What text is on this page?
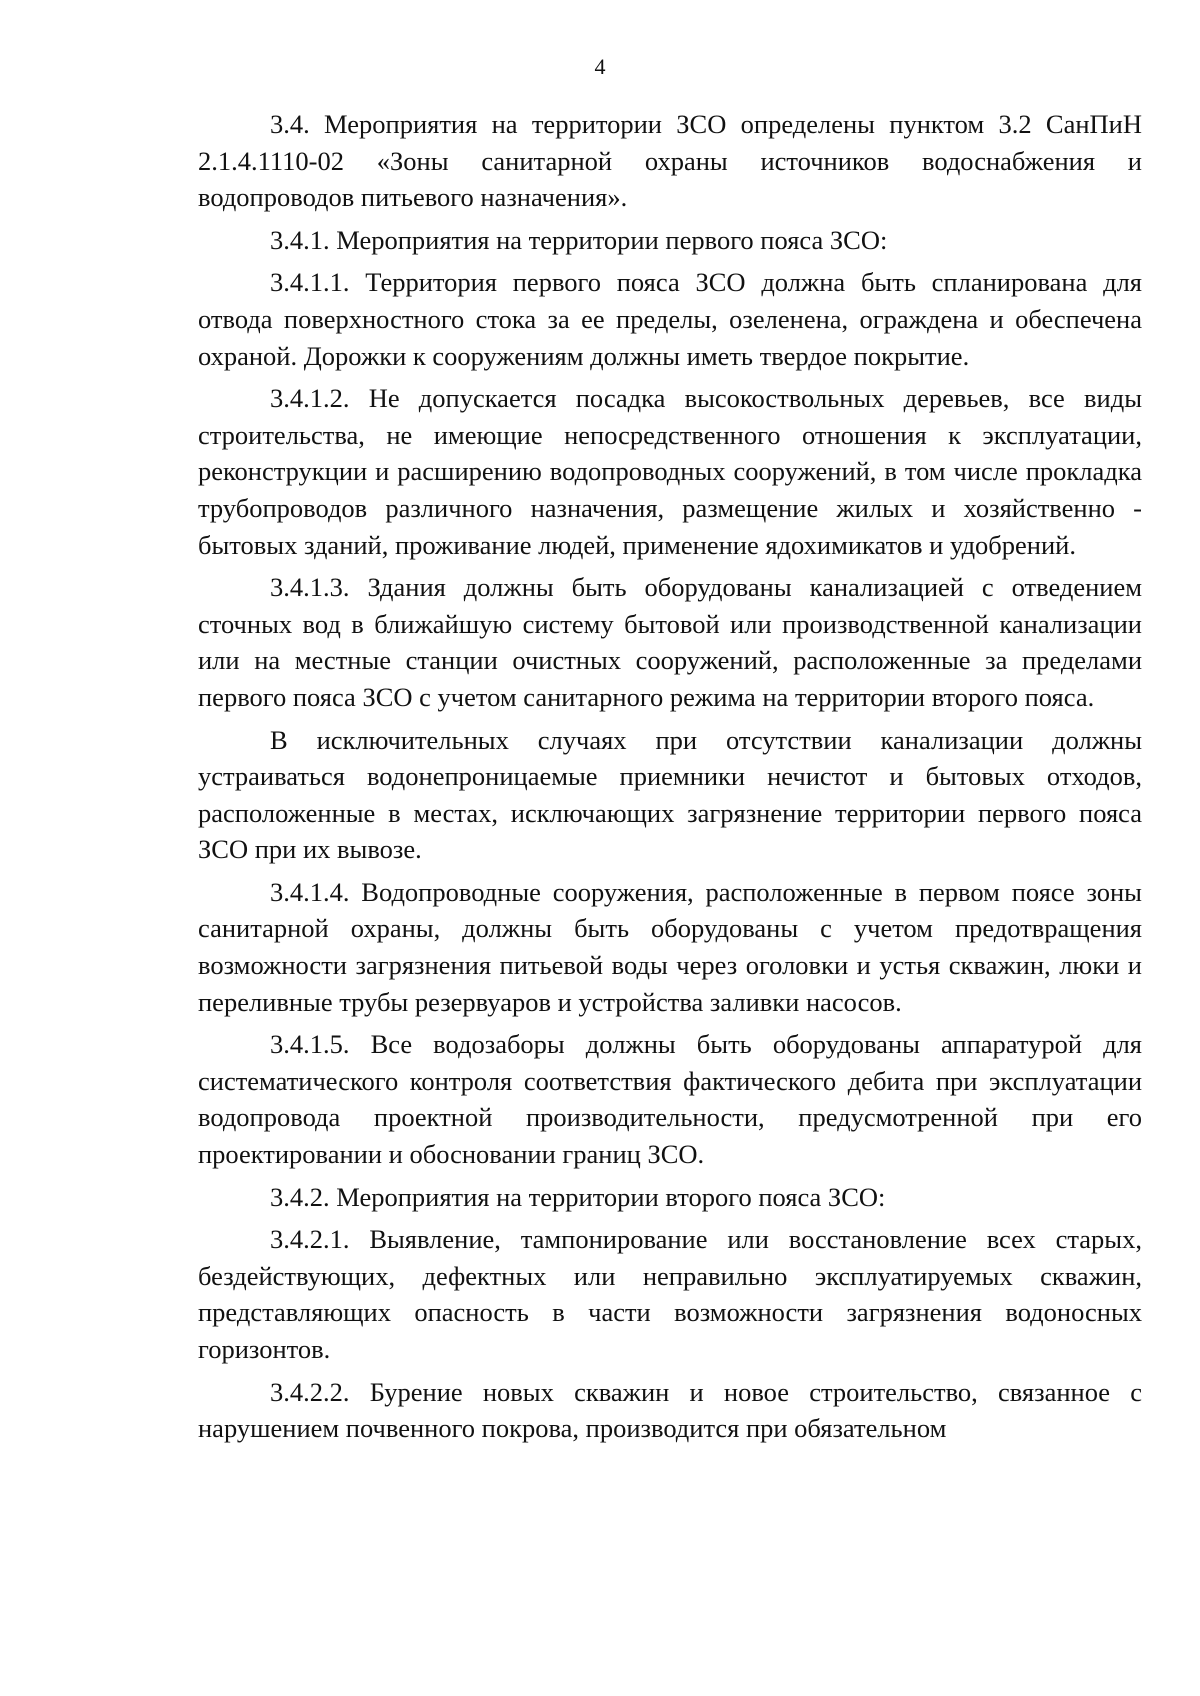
4

3.4. Мероприятия на территории ЗСО определены пунктом 3.2 СанПиН 2.1.4.1110-02 «Зоны санитарной охраны источников водоснабжения и водопроводов питьевого назначения».

3.4.1. Мероприятия на территории первого пояса ЗСО:

3.4.1.1. Территория первого пояса ЗСО должна быть спланирована для отвода поверхностного стока за ее пределы, озеленена, ограждена и обеспечена охраной. Дорожки к сооружениям должны иметь твердое покрытие.

3.4.1.2. Не допускается посадка высокоствольных деревьев, все виды строительства, не имеющие непосредственного отношения к эксплуатации, реконструкции и расширению водопроводных сооружений, в том числе прокладка трубопроводов различного назначения, размещение жилых и хозяйственно - бытовых зданий, проживание людей, применение ядохимикатов и удобрений.

3.4.1.3. Здания должны быть оборудованы канализацией с отведением сточных вод в ближайшую систему бытовой или производственной канализации или на местные станции очистных сооружений, расположенные за пределами первого пояса ЗСО с учетом санитарного режима на территории второго пояса.

В исключительных случаях при отсутствии канализации должны устраиваться водонепроницаемые приемники нечистот и бытовых отходов, расположенные в местах, исключающих загрязнение территории первого пояса ЗСО при их вывозе.

3.4.1.4. Водопроводные сооружения, расположенные в первом поясе зоны санитарной охраны, должны быть оборудованы с учетом предотвращения возможности загрязнения питьевой воды через оголовки и устья скважин, люки и переливные трубы резервуаров и устройства заливки насосов.

3.4.1.5. Все водозаборы должны быть оборудованы аппаратурой для систематического контроля соответствия фактического дебита при эксплуатации водопровода проектной производительности, предусмотренной при его проектировании и обосновании границ ЗСО.

3.4.2. Мероприятия на территории второго пояса ЗСО:

3.4.2.1. Выявление, тампонирование или восстановление всех старых, бездействующих, дефектных или неправильно эксплуатируемых скважин, представляющих опасность в части возможности загрязнения водоносных горизонтов.

3.4.2.2. Бурение новых скважин и новое строительство, связанное с нарушением почвенного покрова, производится при обязательном
